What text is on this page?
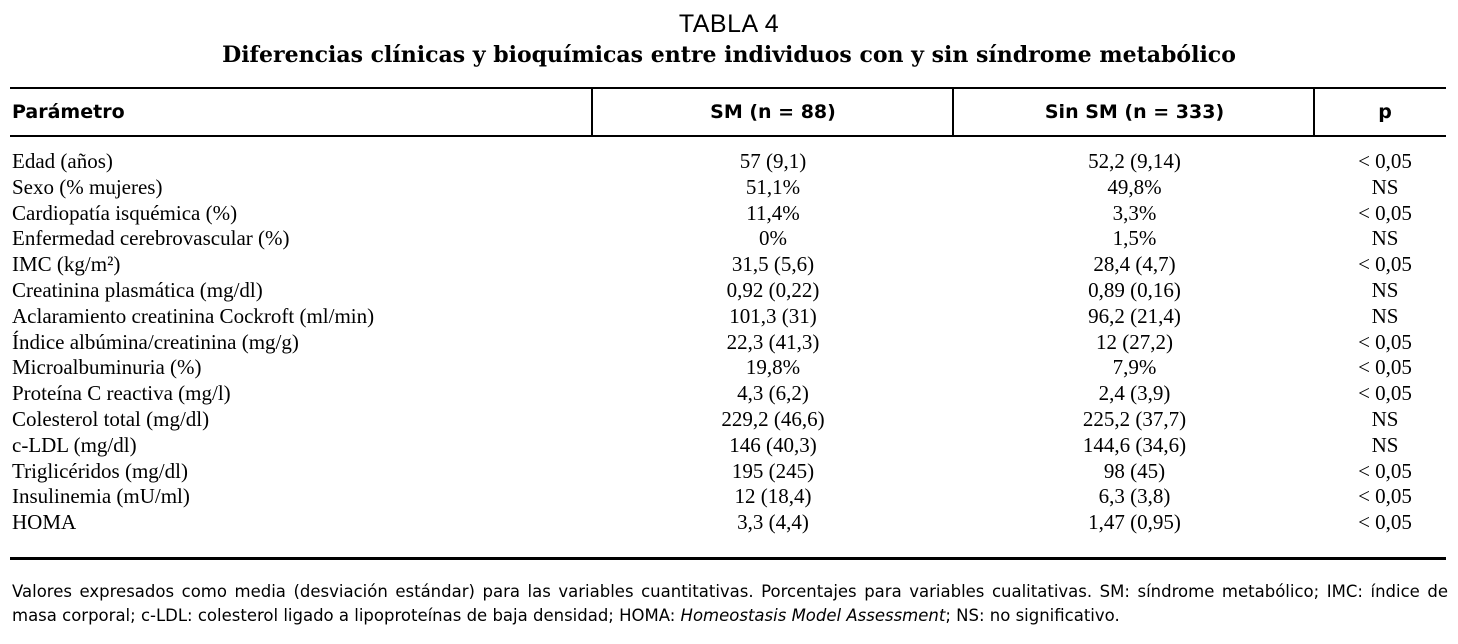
TABLA 4
Diferencias clínicas y bioquímicas entre individuos con y sin síndrome metabólico
Parámetro	SM (n = 88)	Sin SM (n = 333)	p
Edad (años)	57 (9,1)	52,2 (9,14)	< 0,05
Sexo (% mujeres)	51,1%	49,8%	NS
Cardiopatía isquémica (%)	11,4%	3,3%	< 0,05
Enfermedad cerebrovascular (%)	0%	1,5%	NS
IMC (kg/m²)	31,5 (5,6)	28,4 (4,7)	< 0,05
Creatinina plasmática (mg/dl)	0,92 (0,22)	0,89 (0,16)	NS
Aclaramiento creatinina Cockroft (ml/min)	101,3 (31)	96,2 (21,4)	NS
Índice albúmina/creatinina (mg/g)	22,3 (41,3)	12 (27,2)	< 0,05
Microalbuminuria (%)	19,8%	7,9%	< 0,05
Proteína C reactiva (mg/l)	4,3 (6,2)	2,4 (3,9)	< 0,05
Colesterol total (mg/dl)	229,2 (46,6)	225,2 (37,7)	NS
c-LDL (mg/dl)	146 (40,3)	144,6 (34,6)	NS
Triglicéridos (mg/dl)	195 (245)	98 (45)	< 0,05
Insulinemia (mU/ml)	12 (18,4)	6,3 (3,8)	< 0,05
HOMA	3,3 (4,4)	1,47 (0,95)	< 0,05
Valores expresados como media (desviación estándar) para las variables cuantitativas. Porcentajes para variables cualitativas. SM: síndrome metabólico; IMC: índice de masa corporal; c-LDL: colesterol ligado a lipoproteínas de baja densidad; HOMA: Homeostasis Model Assessment; NS: no significativo.
